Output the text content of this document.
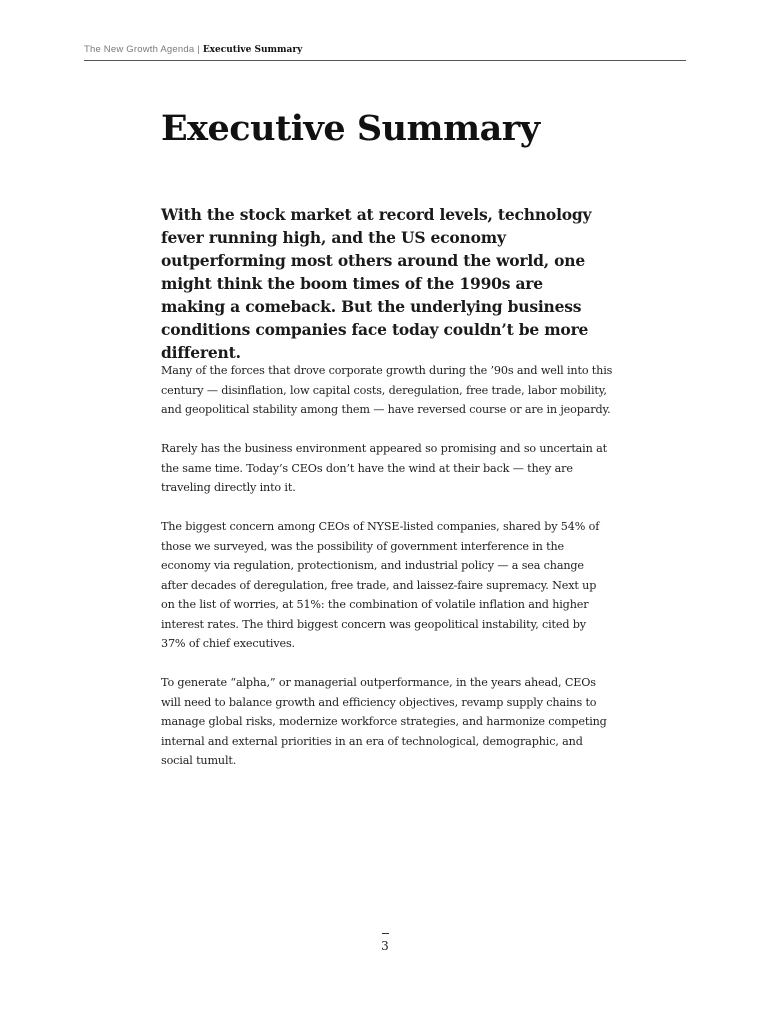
The New Growth Agenda | Executive Summary
Executive Summary

With the stock market at record levels, technology fever running high, and the US economy outperforming most others around the world, one might think the boom times of the 1990s are making a comeback. But the underlying business conditions companies face today couldn’t be more different.

Many of the forces that drove corporate growth during the ’90s and well into this century — disinflation, low capital costs, deregulation, free trade, labor mobility, and geopolitical stability among them — have reversed course or are in jeopardy.

Rarely has the business environment appeared so promising and so uncertain at the same time. Today’s CEOs don’t have the wind at their back — they are traveling directly into it.

The biggest concern among CEOs of NYSE-listed companies, shared by 54% of those we surveyed, was the possibility of government interference in the economy via regulation, protectionism, and industrial policy — a sea change after decades of deregulation, free trade, and laissez-faire supremacy. Next up on the list of worries, at 51%: the combination of volatile inflation and higher interest rates. The third biggest concern was geopolitical instability, cited by 37% of chief executives.

To generate “alpha,” or managerial outperformance, in the years ahead, CEOs will need to balance growth and efficiency objectives, revamp supply chains to manage global risks, modernize workforce strategies, and harmonize competing internal and external priorities in an era of technological, demographic, and social tumult.

3
